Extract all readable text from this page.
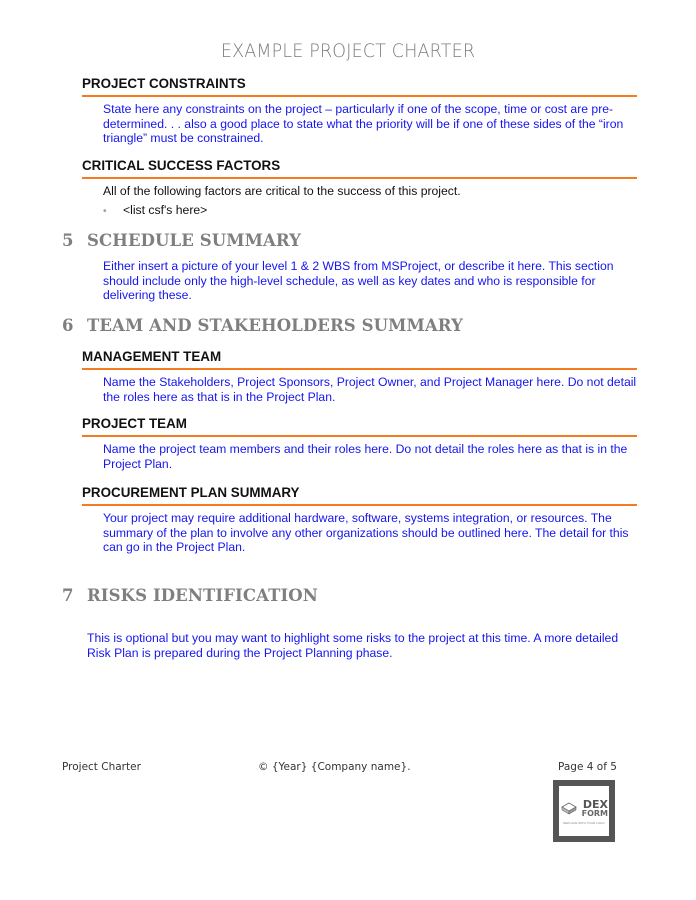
EXAMPLE PROJECT CHARTER
PROJECT CONSTRAINTS
State here any constraints on the project – particularly if one of the scope, time or cost are pre-determined. . . also a good place to state what the priority will be if one of these sides of the “iron triangle” must be constrained.
CRITICAL SUCCESS FACTORS
All of the following factors are critical to the success of this project.
• <list csf's here>
5 SCHEDULE SUMMARY
Either insert a picture of your level 1 & 2 WBS from MSProject, or describe it here. This section should include only the high-level schedule, as well as key dates and who is responsible for delivering these.
6 TEAM AND STAKEHOLDERS SUMMARY
MANAGEMENT TEAM
Name the Stakeholders, Project Sponsors, Project Owner, and Project Manager here. Do not detail the roles here as that is in the Project Plan.
PROJECT TEAM
Name the project team members and their roles here. Do not detail the roles here as that is in the Project Plan.
PROCUREMENT PLAN SUMMARY
Your project may require additional hardware, software, systems integration, or resources. The summary of the plan to involve any other organizations should be outlined here. The detail for this can go in the Project Plan.
7 RISKS IDENTIFICATION
This is optional but you may want to highlight some risks to the project at this time. A more detailed Risk Plan is prepared during the Project Planning phase.
Project Charter	© {Year} {Company name}.	Page 4 of 5
DEX
FORM
REPLACE WITH YOUR LOGO
